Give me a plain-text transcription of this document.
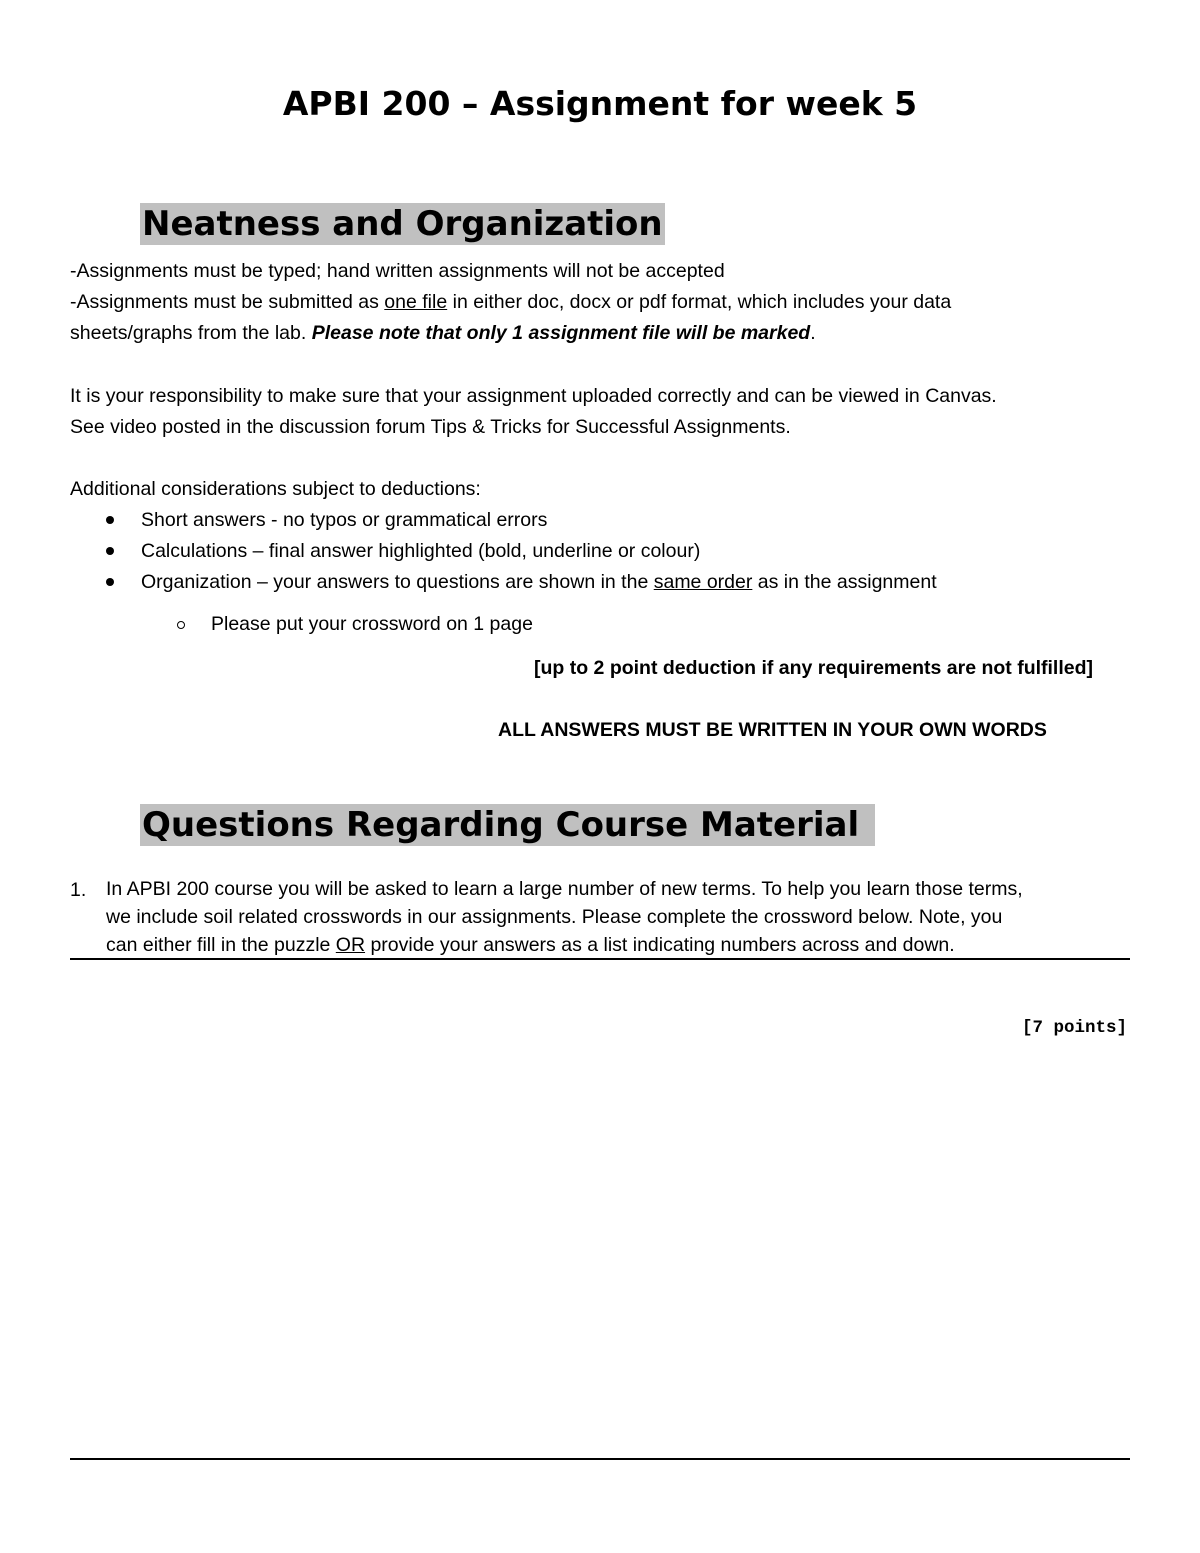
APBI 200 – Assignment for week 5
Neatness and Organization
-Assignments must be typed; hand written assignments will not be accepted
-Assignments must be submitted as one file in either doc, docx or pdf format, which includes your data
sheets/graphs from the lab. Please note that only 1 assignment file will be marked.
It is your responsibility to make sure that your assignment uploaded correctly and can be viewed in Canvas.
See video posted in the discussion forum Tips & Tricks for Successful Assignments.
Additional considerations subject to deductions:
Short answers - no typos or grammatical errors
Calculations – final answer highlighted (bold, underline or colour)
Organization – your answers to questions are shown in the same order as in the assignment
Please put your crossword on 1 page
[up to 2 point deduction if any requirements are not fulfilled]
ALL ANSWERS MUST BE WRITTEN IN YOUR OWN WORDS
Questions Regarding Course Material
1. In APBI 200 course you will be asked to learn a large number of new terms. To help you learn those terms,
we include soil related crosswords in our assignments. Please complete the crossword below. Note, you
can either fill in the puzzle OR provide your answers as a list indicating numbers across and down.
[7 points]
